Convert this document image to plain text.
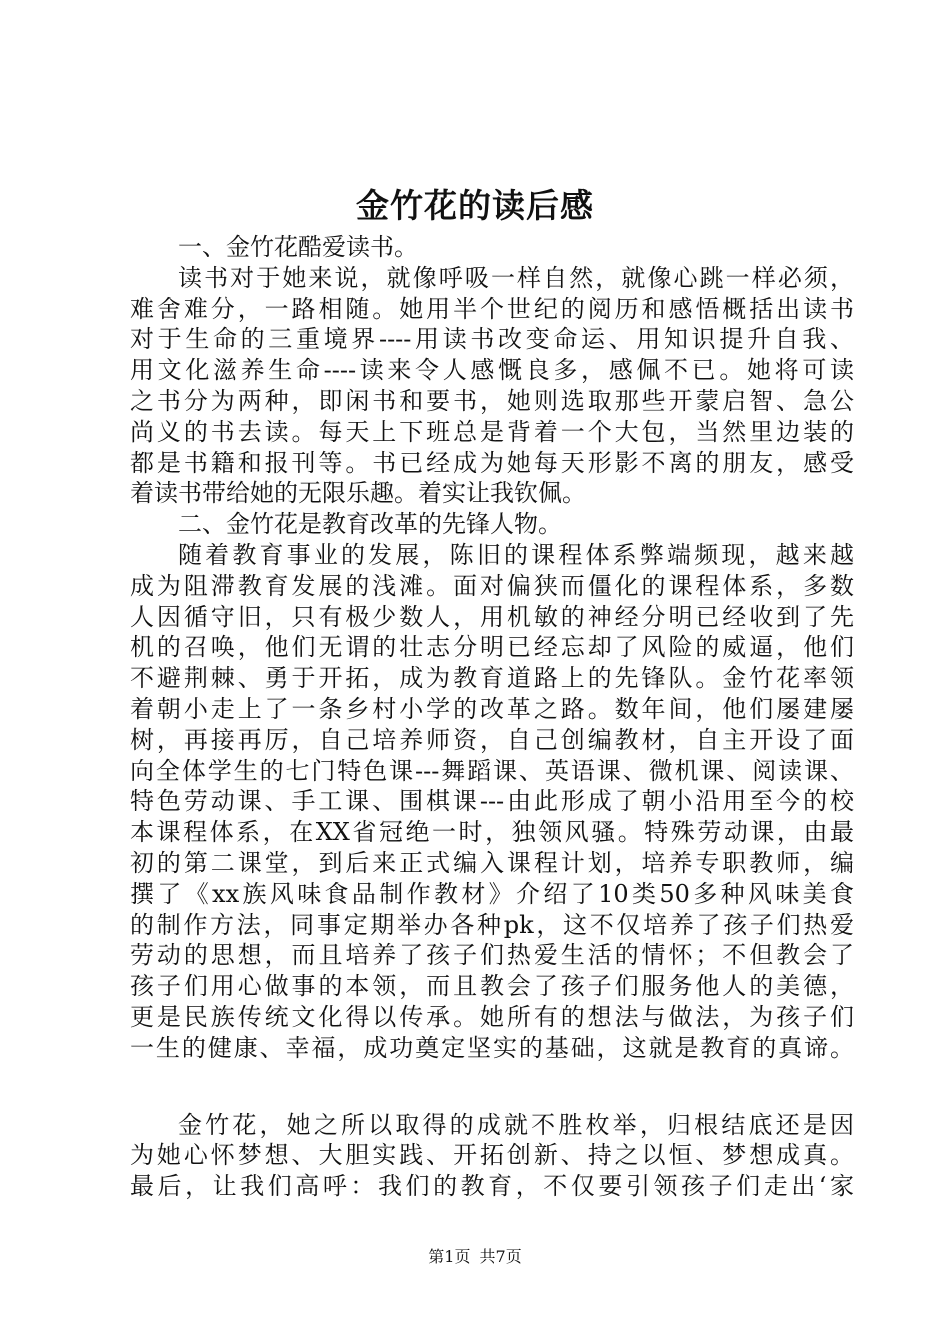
金竹花的读后感
一、金竹花酷爱读书。
读书对于她来说，就像呼吸一样自然，就像心跳一样必须，
难舍难分，一路相随。她用半个世纪的阅历和感悟概括出读书
对于生命的三重境界----用读书改变命运、用知识提升自我、
用文化滋养生命----读来令人感慨良多，感佩不已。她将可读
之书分为两种，即闲书和要书，她则选取那些开蒙启智、急公
尚义的书去读。每天上下班总是背着一个大包，当然里边装的
都是书籍和报刊等。书已经成为她每天形影不离的朋友，感受
着读书带给她的无限乐趣。着实让我钦佩。
二、金竹花是教育改革的先锋人物。
随着教育事业的发展，陈旧的课程体系弊端频现，越来越
成为阻滞教育发展的浅滩。面对偏狭而僵化的课程体系，多数
人因循守旧，只有极少数人，用机敏的神经分明已经收到了先
机的召唤，他们无谓的壮志分明已经忘却了风险的威逼，他们
不避荆棘、勇于开拓，成为教育道路上的先锋队。金竹花率领
着朝小走上了一条乡村小学的改革之路。数年间，他们屡建屡
树，再接再厉，自己培养师资，自己创编教材，自主开设了面
向全体学生的七门特色课---舞蹈课、英语课、微机课、阅读课、
特色劳动课、手工课、围棋课---由此形成了朝小沿用至今的校
本课程体系，在XX省冠绝一时，独领风骚。特殊劳动课，由最
初的第二课堂，到后来正式编入课程计划，培养专职教师，编
撰了《xx族风味食品制作教材》介绍了10类50多种风味美食
的制作方法，同事定期举办各种pk，这不仅培养了孩子们热爱
劳动的思想，而且培养了孩子们热爱生活的情怀；不但教会了
孩子们用心做事的本领，而且教会了孩子们服务他人的美德，
更是民族传统文化得以传承。她所有的想法与做法，为孩子们
一生的健康、幸福，成功奠定坚实的基础，这就是教育的真谛。
金竹花，她之所以取得的成就不胜枚举，归根结底还是因
为她心怀梦想、大胆实践、开拓创新、持之以恒、梦想成真。
最后，让我们高呼：我们的教育，不仅要引领孩子们走出‘家
第1页 共7页
